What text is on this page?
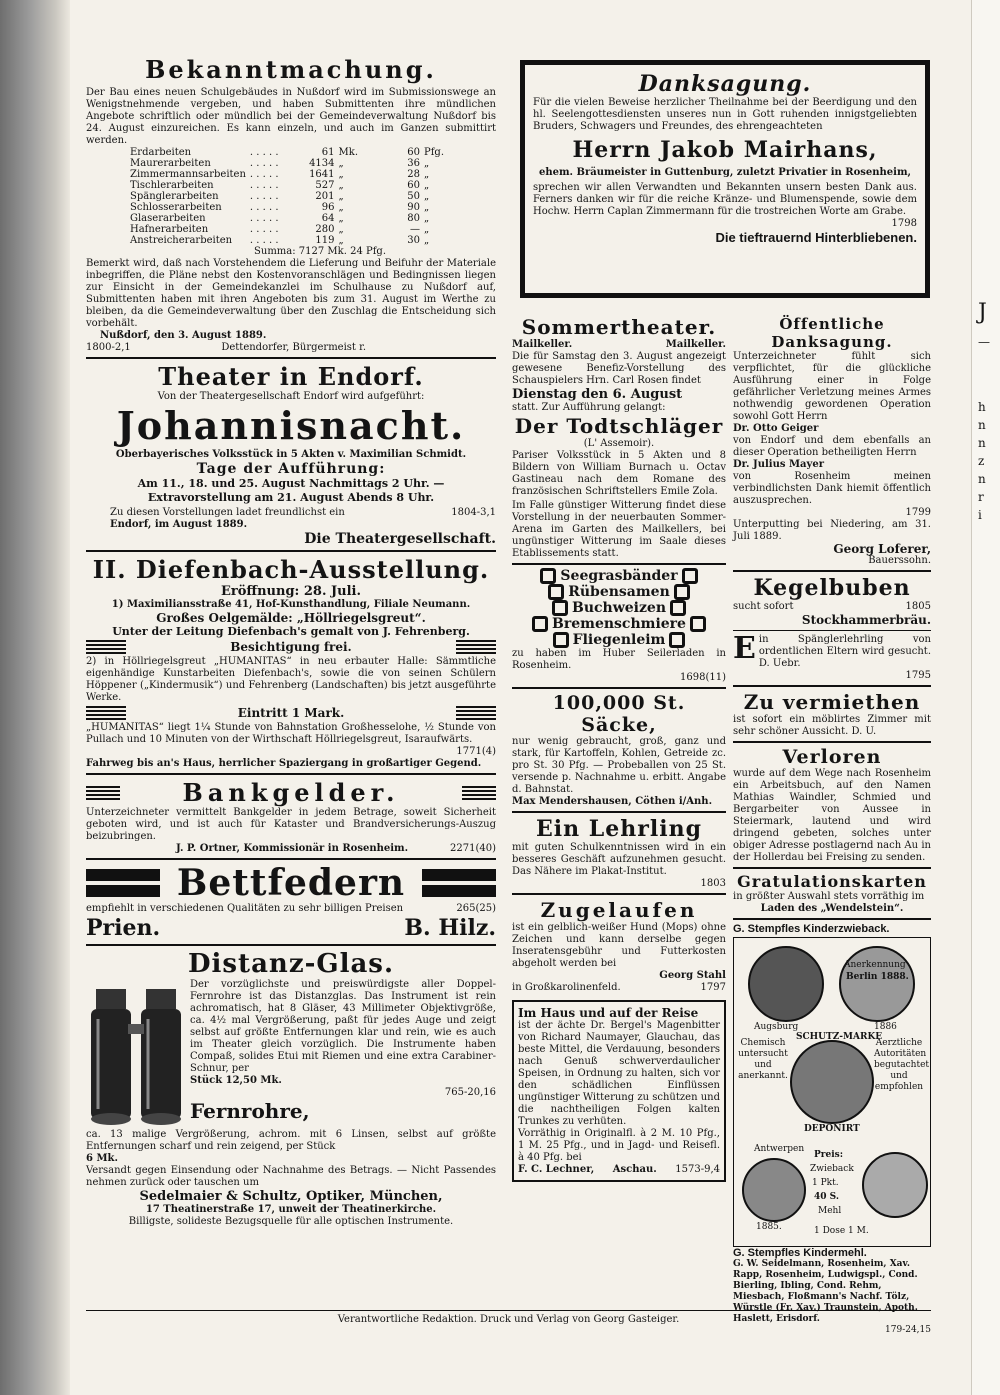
J
—
h
n
n
z
n
r
i

Bekanntmachung.

Der Bau eines neuen Schulgebäudes in Nußdorf wird im Submissionswege an Wenigstnehmende vergeben, und haben Submittenten ihre mündlichen Angebote schriftlich oder mündlich bei der Gemeindeverwaltung Nußdorf bis 24. August einzureichen. Es kann einzeln, und auch im Ganzen submittirt werden.

Erdarbeiten	. . . . .	61	Mk.	60	Pfg.
Maurerarbeiten	. . . . .	4134	„	36	„
Zimmermannsarbeiten	. . . . .	1641	„	28	„
Tischlerarbeiten	. . . . .	527	„	60	„
Spänglerarbeiten	. . . . .	201	„	50	„
Schlosserarbeiten	. . . . .	96	„	90	„
Glaserarbeiten	. . . . .	64	„	80	„
Hafnerarbeiten	. . . . .	280	„	—	„
Anstreicherarbeiten	. . . . .	119	„	30	„

Summa: 7127 Mk. 24 Pfg.

Bemerkt wird, daß nach Vorstehendem die Lieferung und Beifuhr der Materiale inbegriffen, die Pläne nebst den Kostenvoranschlägen und Bedingnissen liegen zur Einsicht in der Gemeindekanzlei im Schulhause zu Nußdorf auf, Submittenten haben mit ihren Angeboten bis zum 31. August im Werthe zu bleiben, da die Gemeindeverwaltung über den Zuschlag die Entscheidung sich vorbehält.

Nußdorf, den 3. August 1889.

1800-2,1	Dettendorfer, Bürgermeist r.

Theater in Endorf.

Von der Theatergesellschaft Endorf wird aufgeführt:

Johannisnacht.

Oberbayerisches Volksstück in 5 Akten v. Maximilian Schmidt.

Tage der Aufführung:

Am 11., 18. und 25. August Nachmittags 2 Uhr. — Extravorstellung am 21. August Abends 8 Uhr.

Zu diesen Vorstellungen ladet freundlichst ein	1804-3,1

Endorf, im August 1889.

Die Theatergesellschaft.

II. Diefenbach-Ausstellung.

Eröffnung: 28. Juli.

1) Maximiliansstraße 41, Hof-Kunsthandlung, Filiale Neumann.

Großes Oelgemälde: „Höllriegelsgreut“.

Unter der Leitung Diefenbach's gemalt von J. Fehrenberg.

Besichtigung frei.

2) in Höllriegelsgreut „HUMANITAS“ in neu erbauter Halle: Sämmtliche eigenhändige Kunstarbeiten Diefenbach's, sowie die von seinen Schülern Höppener („Kindermusik“) und Fehrenberg (Landschaften) bis jetzt ausgeführte Werke.

Eintritt 1 Mark.

„HUMANITAS“ liegt 1¼ Stunde von Bahnstation Großhesselohe, ½ Stunde von Pullach und 10 Minuten von der Wirthschaft Höllriegelsgreut, Isaraufwärts.

1771(4)

Fahrweg bis an's Haus, herrlicher Spaziergang in großartiger Gegend.

Bankgelder.

Unterzeichneter vermittelt Bankgelder in jedem Betrage, soweit Sicherheit geboten wird, und ist auch für Kataster und Brandversicherungs-Auszug beizubringen.

J. P. Ortner, Kommissionär in Rosenheim.	2271(40)

Bettfedern

empfiehlt in verschiedenen Qualitäten zu sehr billigen Preisen	265(25)
Prien.	B. Hilz.

Distanz-Glas.

Der vorzüglichste und preiswürdigste aller Doppel-Fernrohre ist das Distanzglas. Das Instrument ist rein achromatisch, hat 8 Gläser, 43 Millimeter Objektivgröße, ca. 4½ mal Vergrößerung, paßt für jedes Auge und zeigt selbst auf größte Entfernungen klar und rein, wie es auch im Theater gleich vorzüglich. Die Instrumente haben Compaß, solides Etui mit Riemen und eine extra Carabiner-Schnur, per

Stück 12,50 Mk.

765-20,16

Fernrohre,

ca. 13 malige Vergrößerung, achrom. mit 6 Linsen, selbst auf größte Entfernungen scharf und rein zeigend, per Stück

6 Mk.

Versandt gegen Einsendung oder Nachnahme des Betrags. — Nicht Passendes nehmen zurück oder tauschen um

Sedelmaier & Schultz, Optiker, München,

17 Theatinerstraße 17, unweit der Theatinerkirche.

Billigste, solideste Bezugsquelle für alle optischen Instrumente.

Danksagung.

Für die vielen Beweise herzlicher Theilnahme bei der Beerdigung und den hl. Seelengottesdiensten unseres nun in Gott ruhenden innigstgeliebten Bruders, Schwagers und Freundes, des ehrengeachteten

Herrn Jakob Mairhans,

ehem. Bräumeister in Guttenburg, zuletzt Privatier in Rosenheim,

sprechen wir allen Verwandten und Bekannten unsern besten Dank aus. Ferners danken wir für die reiche Kränze- und Blumenspende, sowie dem Hochw. Herrn Caplan Zimmermann für die trostreichen Worte am Grabe.

1798

Die tieftrauernd Hinterbliebenen.

Sommertheater.

Mailkeller.	Mailkeller.

Die für Samstag den 3. August angezeigt gewesene Benefiz-Vorstellung des Schauspielers Hrn. Carl Rosen findet

Dienstag den 6. August

statt. Zur Aufführung gelangt:

Der Todtschläger

(L' Assemoir).

Pariser Volksstück in 5 Akten und 8 Bildern von William Burnach u. Octav Gastineau nach dem Romane des französischen Schriftstellers Emile Zola.

Im Falle günstiger Witterung findet diese Vorstellung in der neuerbauten Sommer-Arena im Garten des Mailkellers, bei ungünstiger Witterung im Saale dieses Etablissements statt.

Seegrasbänder
Rübensamen
Buchweizen
Bremenschmiere
Fliegenleim
zu haben im Huber Seilerladen in Rosenheim.

1698(11)

100,000 St. Säcke,

nur wenig gebraucht, groß, ganz und stark, für Kartoffeln, Kohlen, Getreide zc. pro St. 30 Pfg. — Probeballen von 25 St. versende p. Nachnahme u. erbitt. Angabe d. Bahnstat.

Max Mendershausen, Cöthen i/Anh.

Ein Lehrling

mit guten Schulkenntnissen wird in ein besseres Geschäft aufzunehmen gesucht. Das Nähere im Plakat-Institut.

1803

Zugelaufen

ist ein gelblich-weißer Hund (Mops) ohne Zeichen und kann derselbe gegen Inseratensgebühr und Futterkosten abgeholt werden bei

Georg Stahl

in Großkarolinenfeld.	1797

Im Haus und auf der Reise

ist der ächte Dr. Bergel's Magenbitter von Richard Naumayer, Glauchau, das beste Mittel, die Verdauung, besonders nach Genuß schwerverdaulicher Speisen, in Ordnung zu halten, sich vor den schädlichen Einflüssen ungünstiger Witterung zu schützen und die nachtheiligen Folgen kalten Trunkes zu verhüten.

Vorräthig in Originalfl. à 2 M. 10 Pfg., 1 M. 25 Pfg., und in Jagd- und Reisefl. à 40 Pfg. bei

F. C. Lechner, Aschau. 1573-9,4

Öffentliche Danksagung.

Unterzeichneter fühlt sich verpflichtet, für die glückliche Ausführung einer in Folge gefährlicher Verletzung meines Armes nothwendig gewordenen Operation sowohl Gott Herrn

Dr. Otto Geiger

von Endorf und dem ebenfalls an dieser Operation betheiligten Herrn

Dr. Julius Mayer

von Rosenheim meinen verbindlichsten Dank hiemit öffentlich auszusprechen.

1799

Unterputting bei Niedering, am 31. Juli 1889.

Georg Loferer,

Bauerssohn.

Kegelbuben

sucht sofort	1805

Stockhammerbräu.

E in Spänglerlehrling von ordentlichen Eltern wird gesucht. D. Uebr.

1795

Zu vermiethen

ist sofort ein möblirtes Zimmer mit sehr schöner Aussicht. D. U.

Verloren

wurde auf dem Wege nach Rosenheim ein Arbeitsbuch, auf den Namen Mathias Waindler, Schmied und Bergarbeiter von Aussee in Steiermark, lautend und wird dringend gebeten, solches unter obiger Adresse postlagernd nach Au in der Hollerdau bei Freising zu senden.

Gratulationskarten

in größter Auswahl stets vorräthig im

Laden des „Wendelstein“.

G. Stempfles Kinderzwieback.

Anerkennung

Berlin 1888.

Augsburg	1886

Chemisch untersucht und anerkannt.

Aerztliche Autoritäten begutachtet und empfohlen

SCHUTZ-MARKE

DEPONIRT

Antwerpen

1885.

Preis:

Zwieback

1 Pkt.

40 S.

Mehl

1 Dose 1 M.

G. Stempfles Kindermehl.

G. W. Seidelmann, Rosenheim, Xav. Rapp, Rosenheim, Ludwigspl., Cond. Bierling, Ibling, Cond. Rehm, Miesbach, Floßmann's Nachf. Tölz, Würstle (Fr. Xav.) Traunstein, Apoth. Haslett, Erisdorf.

179-24,15

Verantwortliche Redaktion. Druck und Verlag von Georg Gasteiger.
